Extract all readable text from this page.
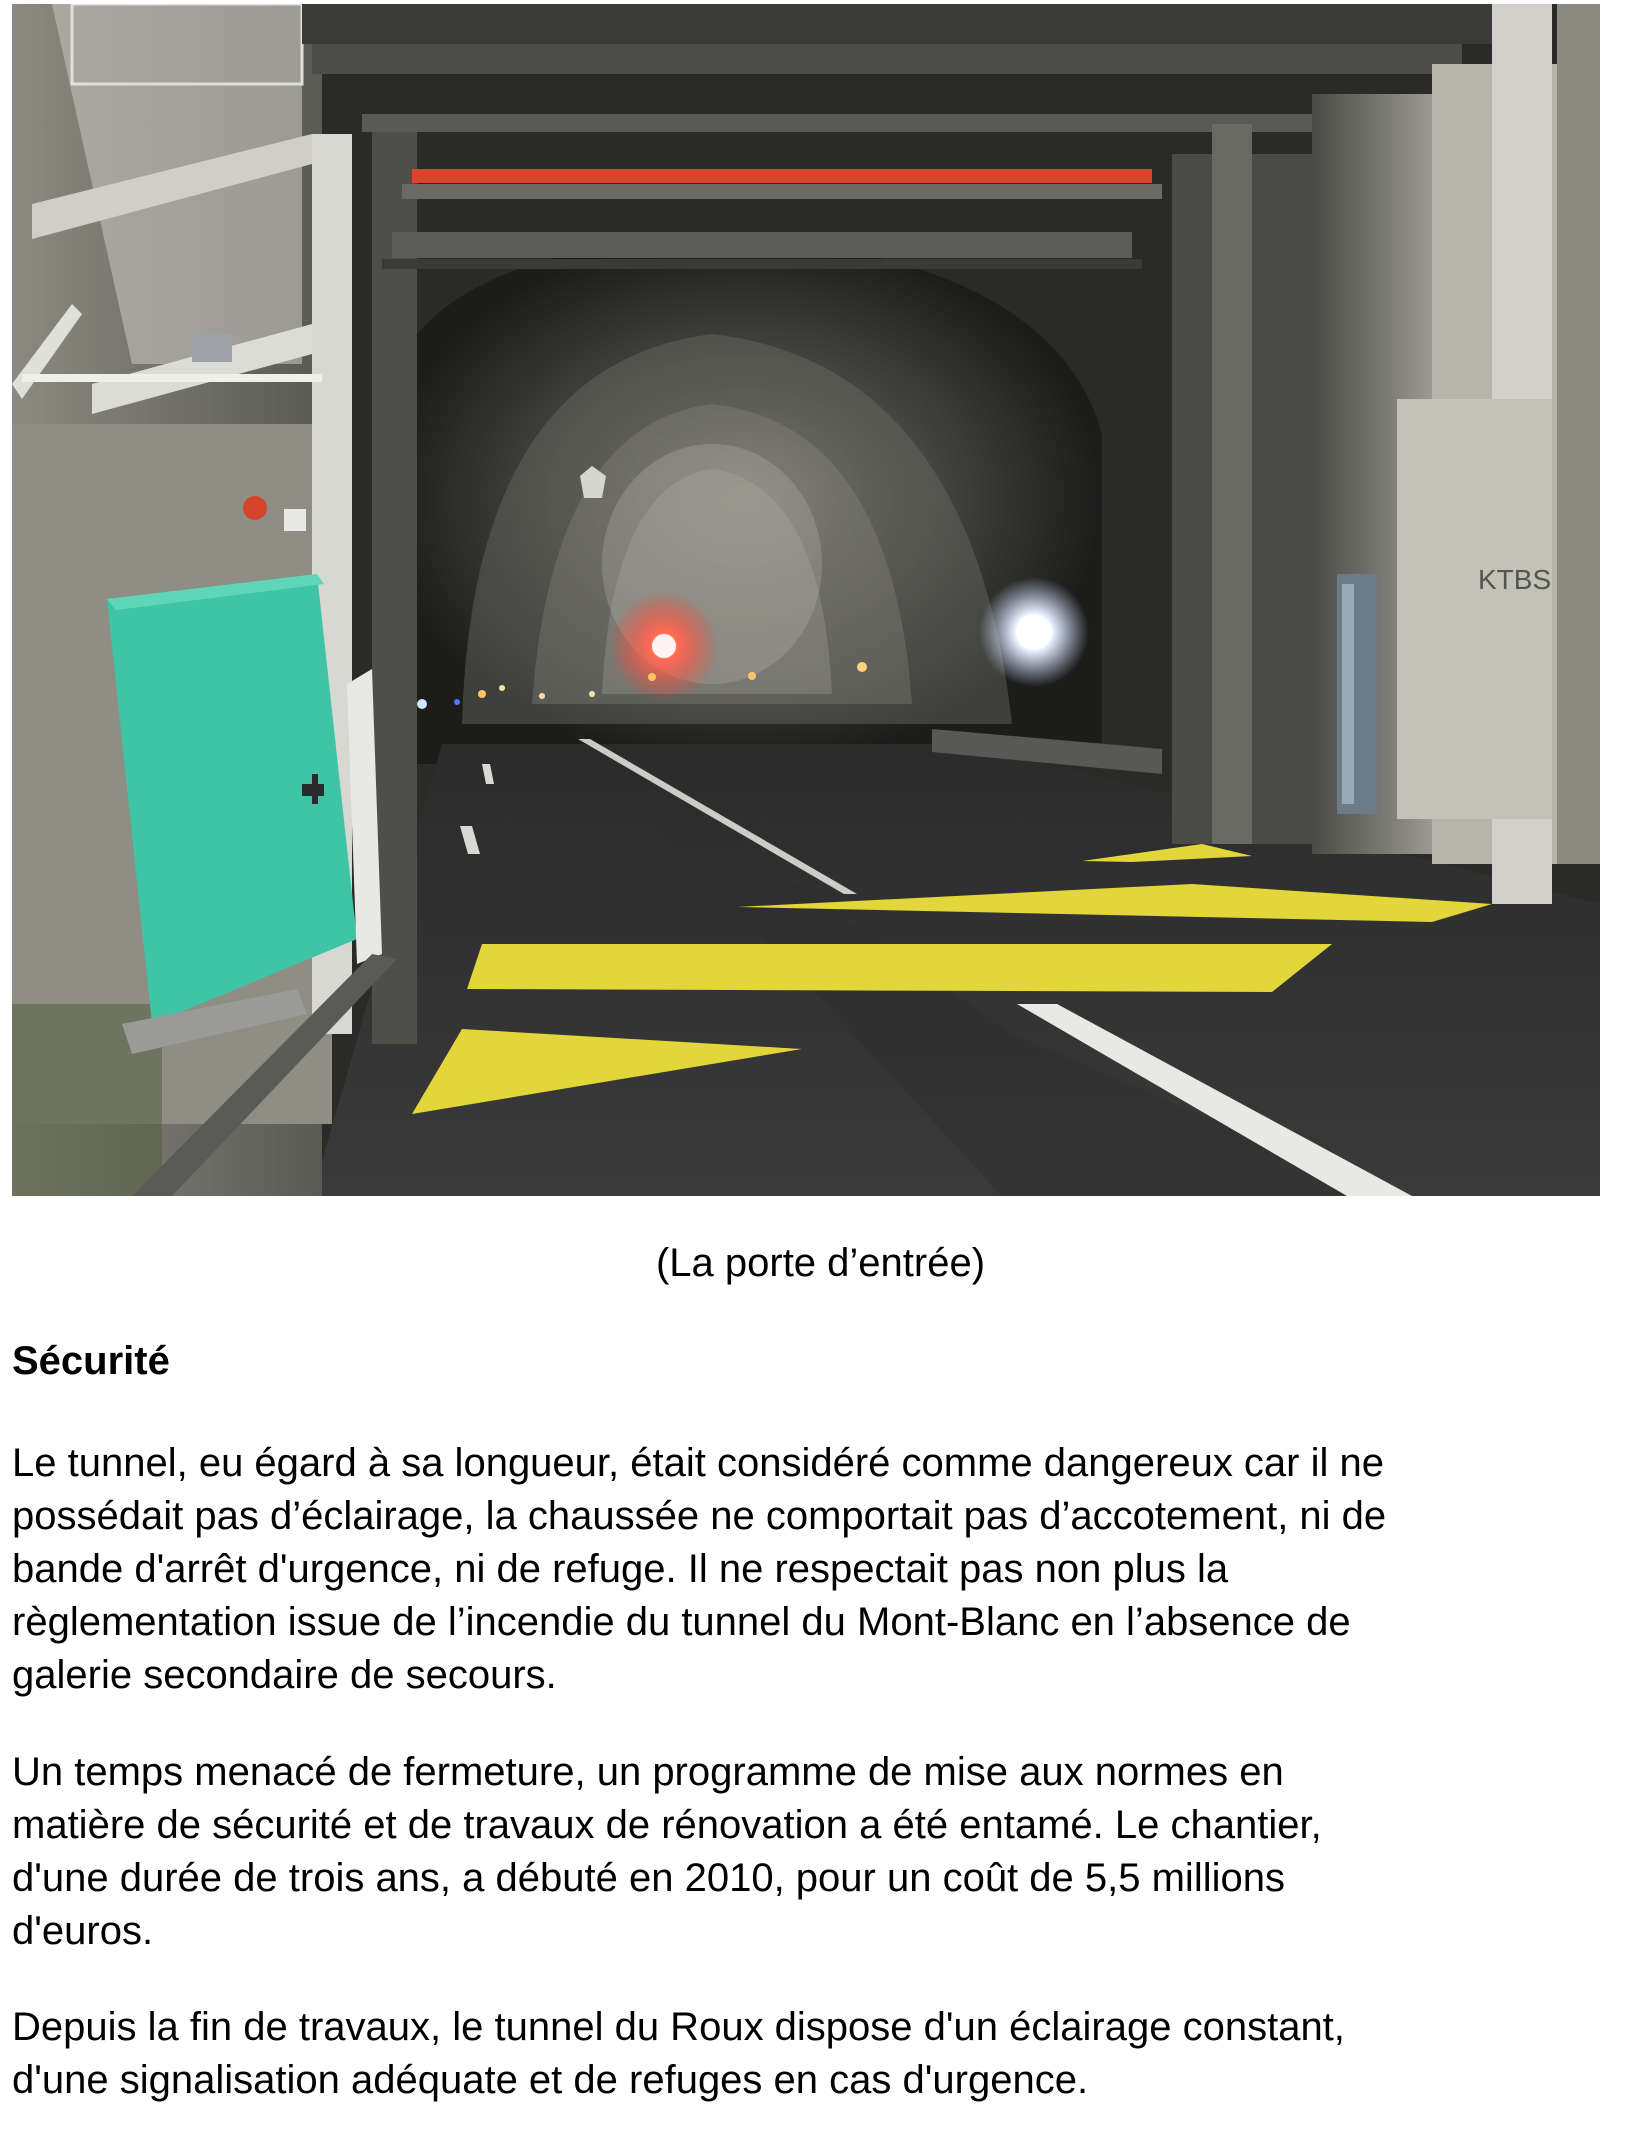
KTBS
(La porte d’entrée)
Sécurité

Le tunnel, eu égard à sa longueur, était considéré comme dangereux car il ne
possédait pas d’éclairage, la chaussée ne comportait pas d’accotement, ni de
bande d'arrêt d'urgence, ni de refuge. Il ne respectait pas non plus la
règlementation issue de l’incendie du tunnel du Mont-Blanc en l’absence de
galerie secondaire de secours.

Un temps menacé de fermeture, un programme de mise aux normes en
matière de sécurité et de travaux de rénovation a été entamé. Le chantier,
d'une durée de trois ans, a débuté en 2010, pour un coût de 5,5 millions
d'euros.

Depuis la fin de travaux, le tunnel du Roux dispose d'un éclairage constant,
d'une signalisation adéquate et de refuges en cas d'urgence.
